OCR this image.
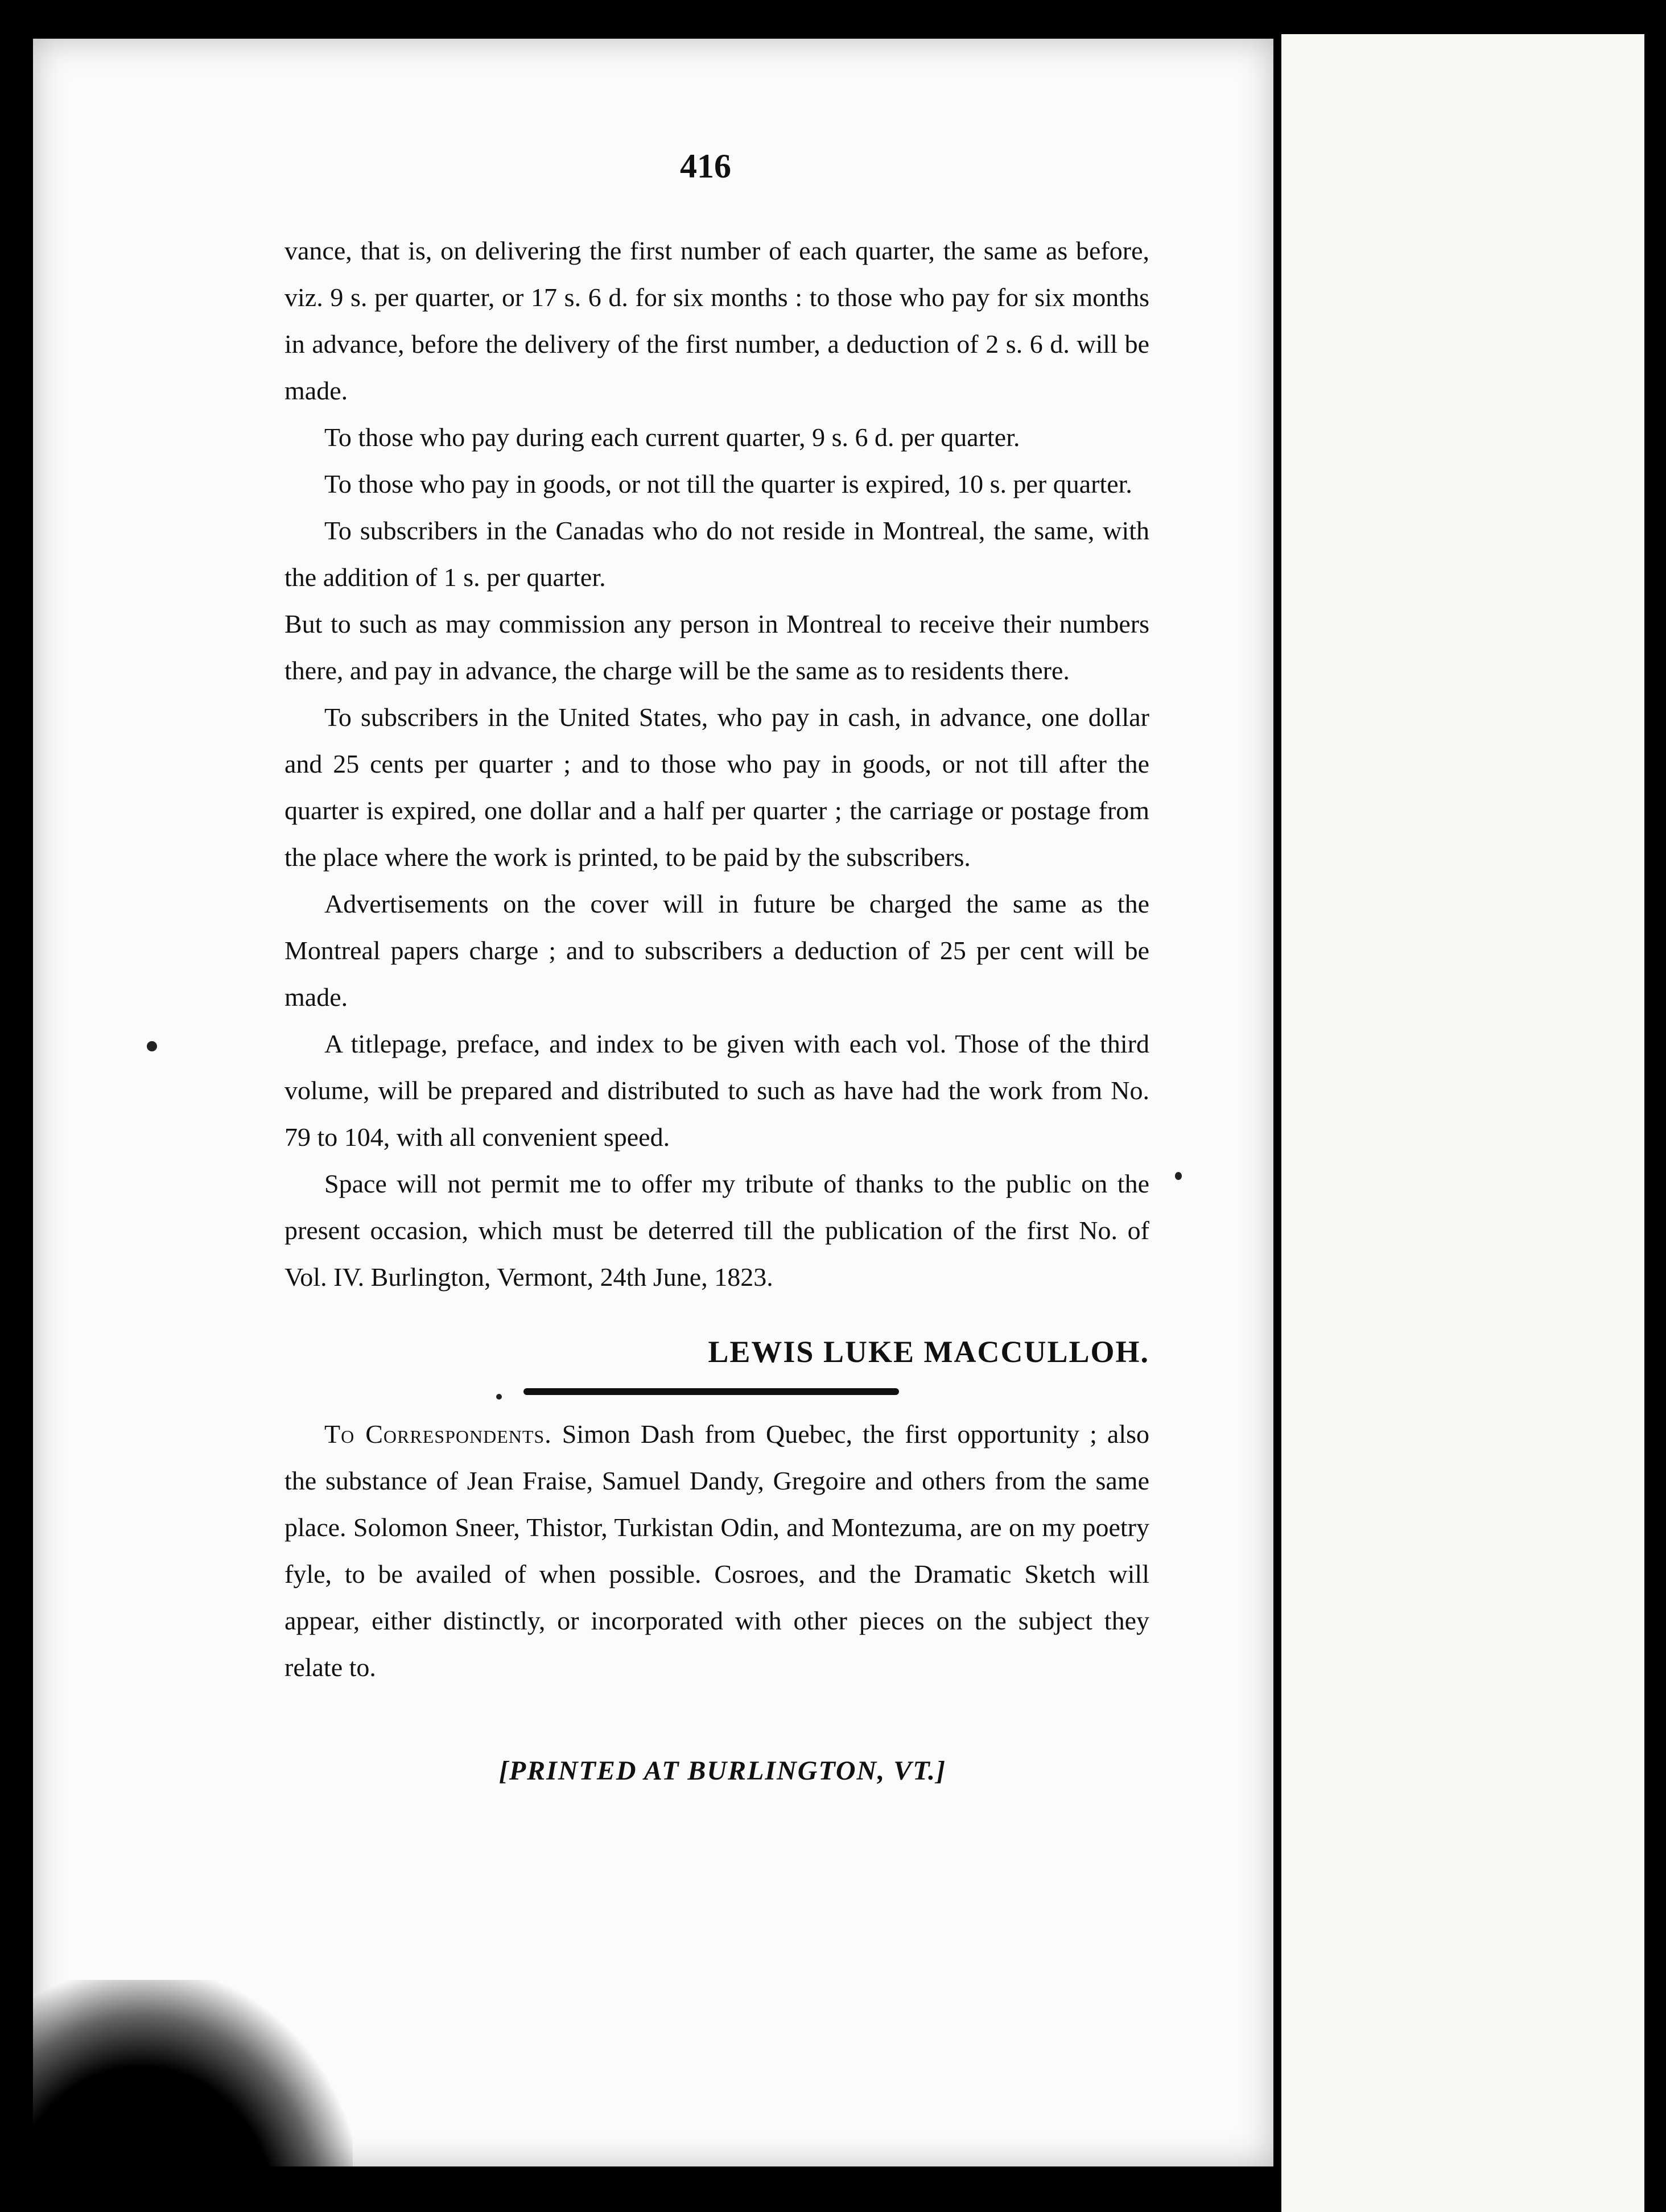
416

vance, that is, on delivering the first number of each quarter, the same as before, viz. 9 s. per quarter, or 17 s. 6 d. for six months : to those who pay for six months in advance, before the delivery of the first number, a deduction of 2 s. 6 d. will be made.

To those who pay during each current quarter, 9 s. 6 d. per quarter.

To those who pay in goods, or not till the quarter is expired, 10 s. per quarter.

To subscribers in the Canadas who do not reside in Montreal, the same, with the addition of 1 s. per quarter.

But to such as may commission any person in Montreal to receive their numbers there, and pay in advance, the charge will be the same as to residents there.

To subscribers in the United States, who pay in cash, in advance, one dollar and 25 cents per quarter ; and to those who pay in goods, or not till after the quarter is expired, one dollar and a half per quarter ; the carriage or postage from the place where the work is printed, to be paid by the subscribers.

Advertisements on the cover will in future be charged the same as the Montreal papers charge ; and to subscribers a deduction of 25 per cent will be made.

A titlepage, preface, and index to be given with each vol. Those of the third volume, will be prepared and distributed to such as have had the work from No. 79 to 104, with all convenient speed.

Space will not permit me to offer my tribute of thanks to the public on the present occasion, which must be deterred till the publication of the first No. of Vol. IV. Burlington, Vermont, 24th June, 1823.

LEWIS LUKE MACCULLOH.

To Correspondents. Simon Dash from Quebec, the first opportunity ; also the substance of Jean Fraise, Samuel Dandy, Gregoire and others from the same place. Solomon Sneer, Thistor, Turkistan Odin, and Montezuma, are on my poetry fyle, to be availed of when possible. Cosroes, and the Dramatic Sketch will appear, either distinctly, or incorporated with other pieces on the subject they relate to.

[PRINTED AT BURLINGTON, VT.]
